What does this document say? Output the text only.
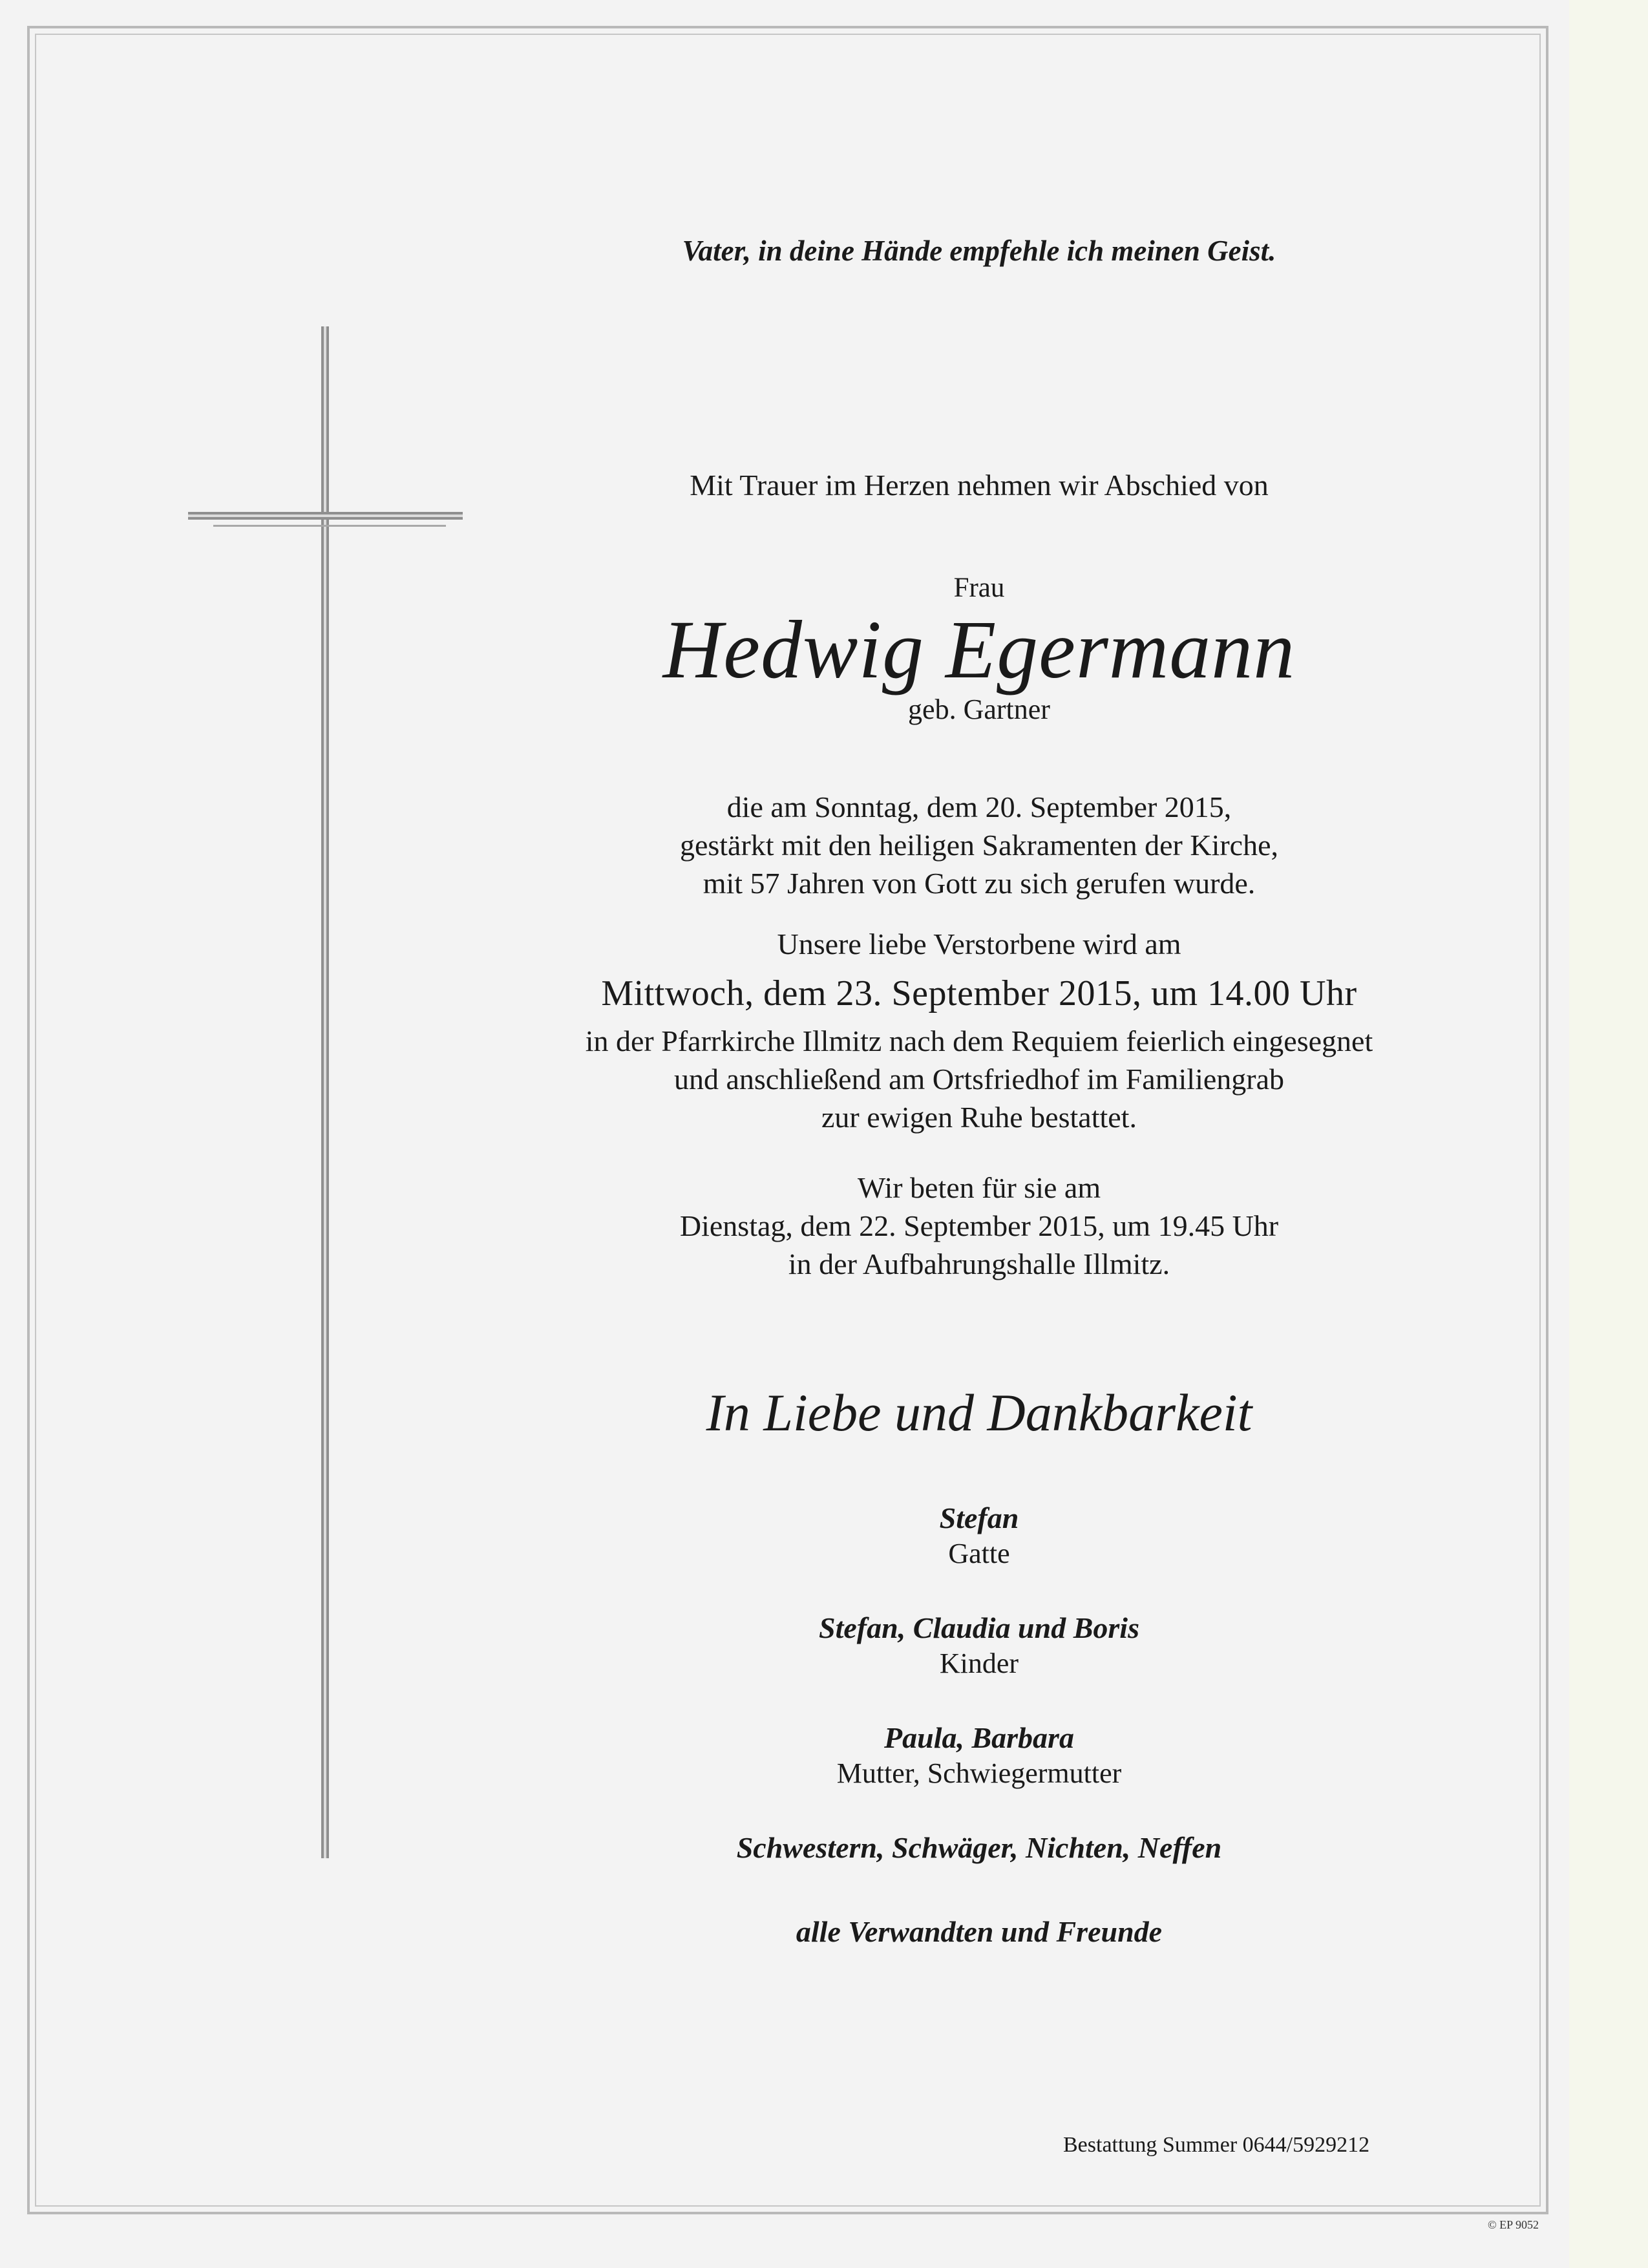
Vater, in deine Hände empfehle ich meinen Geist.
Mit Trauer im Herzen nehmen wir Abschied von
Frau
Hedwig Egermann
geb. Gartner
die am Sonntag, dem 20. September 2015,
gestärkt mit den heiligen Sakramenten der Kirche,
mit 57 Jahren von Gott zu sich gerufen wurde.
Unsere liebe Verstorbene wird am
Mittwoch, dem 23. September 2015, um 14.00 Uhr
in der Pfarrkirche Illmitz nach dem Requiem feierlich eingesegnet
und anschließend am Ortsfriedhof im Familiengrab
zur ewigen Ruhe bestattet.
Wir beten für sie am
Dienstag, dem 22. September 2015, um 19.45 Uhr
in der Aufbahrungshalle Illmitz.
In Liebe und Dankbarkeit
Stefan
Gatte
Stefan, Claudia und Boris
Kinder
Paula, Barbara
Mutter, Schwiegermutter
Schwestern, Schwäger, Nichten, Neffen
alle Verwandten und Freunde
Bestattung Summer 0644/5929212
© EP 9052
